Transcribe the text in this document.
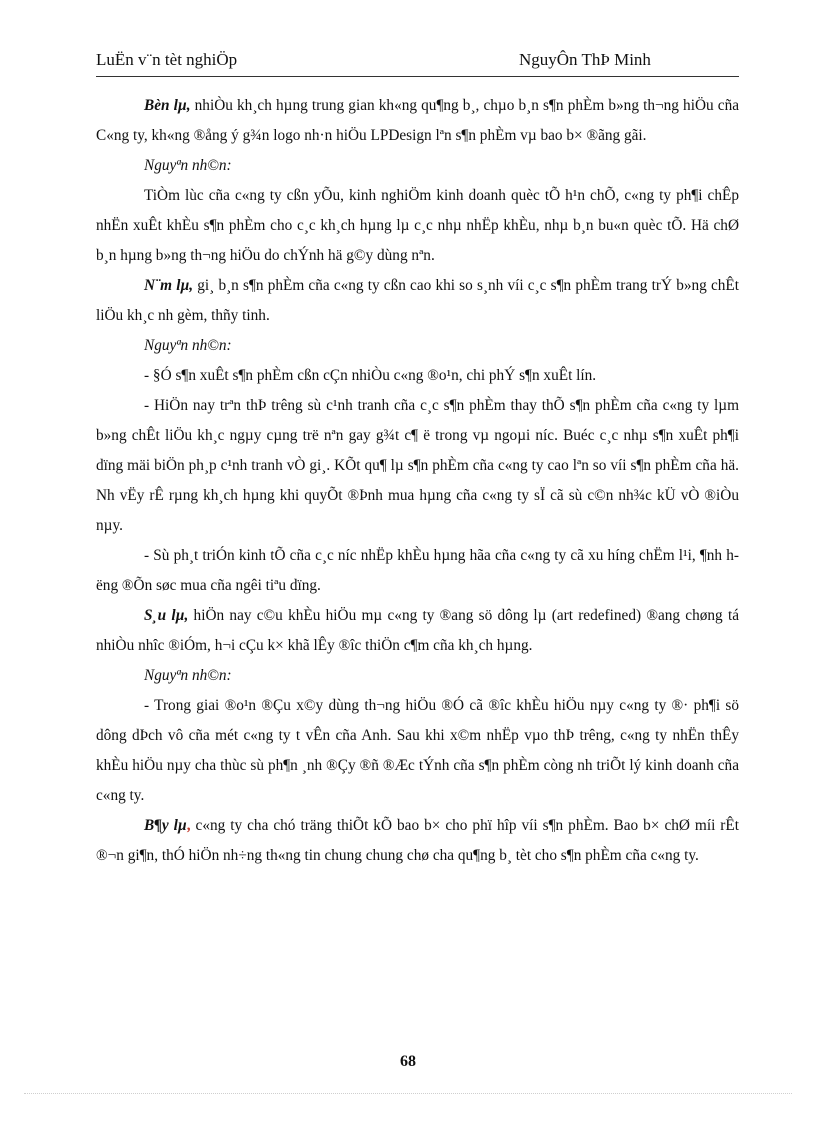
LuËn v¨n tèt nghiÖp	NguyÔn ThÞ Minh

Bèn lµ, nhiÒu kh¸ch hµng trung gian kh«ng qu¶ng b¸, chµo b¸n s¶n phÈm b»ng th¬ng hiÖu cña C«ng ty, kh«ng ®ång ý g¾n logo nh·n hiÖu LPDesign lªn s¶n phÈm vµ bao b× ®ãng gãi.

Nguyªn nh©n:

TiÒm lùc cña c«ng ty cßn yÕu, kinh nghiÖm kinh doanh quèc tÕ h¹n chÕ, c«ng ty ph¶i chÊp nhËn xuÊt khÈu s¶n phÈm cho c¸c kh¸ch hµng lµ c¸c nhµ nhËp khÈu, nhµ b¸n bu«n quèc tÕ. Hä chØ b¸n hµng b»ng th¬ng hiÖu do chÝnh hä g©y dùng nªn.

N¨m lµ, gi¸ b¸n s¶n phÈm cña c«ng ty cßn cao khi so s¸nh víi c¸c s¶n phÈm trang trÝ b»ng chÊt liÖu kh¸c nh gèm, thñy tinh.

Nguyªn nh©n:

- §Ó s¶n xuÊt s¶n phÈm cßn cÇn nhiÒu c«ng ®o¹n, chi phÝ s¶n xuÊt lín.

- HiÖn nay trªn thÞ trêng sù c¹nh tranh cña c¸c s¶n phÈm thay thÕ s¶n phÈm cña c«ng ty lµm b»ng chÊt liÖu kh¸c ngµy cµng trë nªn gay g¾t c¶ ë trong vµ ngoµi níc. Buéc c¸c nhµ s¶n xuÊt ph¶i dïng mäi biÖn ph¸p c¹nh tranh vÒ gi¸. KÕt qu¶ lµ s¶n phÈm cña c«ng ty cao lªn so víi s¶n phÈm cña hä. Nh vËy rÊ rµng kh¸ch hµng khi quyÕt ®Þnh mua hµng cña c«ng ty sÏ cã sù c©n nh¾c kÜ vÒ ®iÒu nµy.

- Sù ph¸t triÓn kinh tÕ cña c¸c níc nhËp khÈu hµng hãa cña c«ng ty cã xu híng chËm l¹i, ¶nh hëng ®Õn søc mua cña ngêi tiªu dïng.

S¸u lµ, hiÖn nay c©u khÈu hiÖu mµ c«ng ty ®ang sö dông lµ (art redefined) ®ang chøng tá nhiÒu nhîc ®iÓm, h¬i cÇu k× khã lÊy ®îc thiÖn c¶m cña kh¸ch hµng.

Nguyªn nh©n:

- Trong giai ®o¹n ®Çu x©y dùng th¬ng hiÖu ®Ó cã ®îc khÈu hiÖu nµy c«ng ty ®· ph¶i sö dông dÞch vô cña mét c«ng ty t vÊn cña Anh. Sau khi x©m nhËp vµo thÞ trêng, c«ng ty nhËn thÊy khÈu hiÖu nµy cha thùc sù ph¶n ¸nh ®Çy ®ñ ®Æc tÝnh cña s¶n phÈm còng nh triÕt lý kinh doanh cña c«ng ty.

B¶y lµ, c«ng ty cha chó träng thiÕt kÕ bao b× cho phï hîp víi s¶n phÈm. Bao b× chØ míi rÊt ®¬n gi¶n, thÓ hiÖn nh÷ng th«ng tin chung chung chø cha qu¶ng b¸ tèt cho s¶n phÈm cña c«ng ty.

68
